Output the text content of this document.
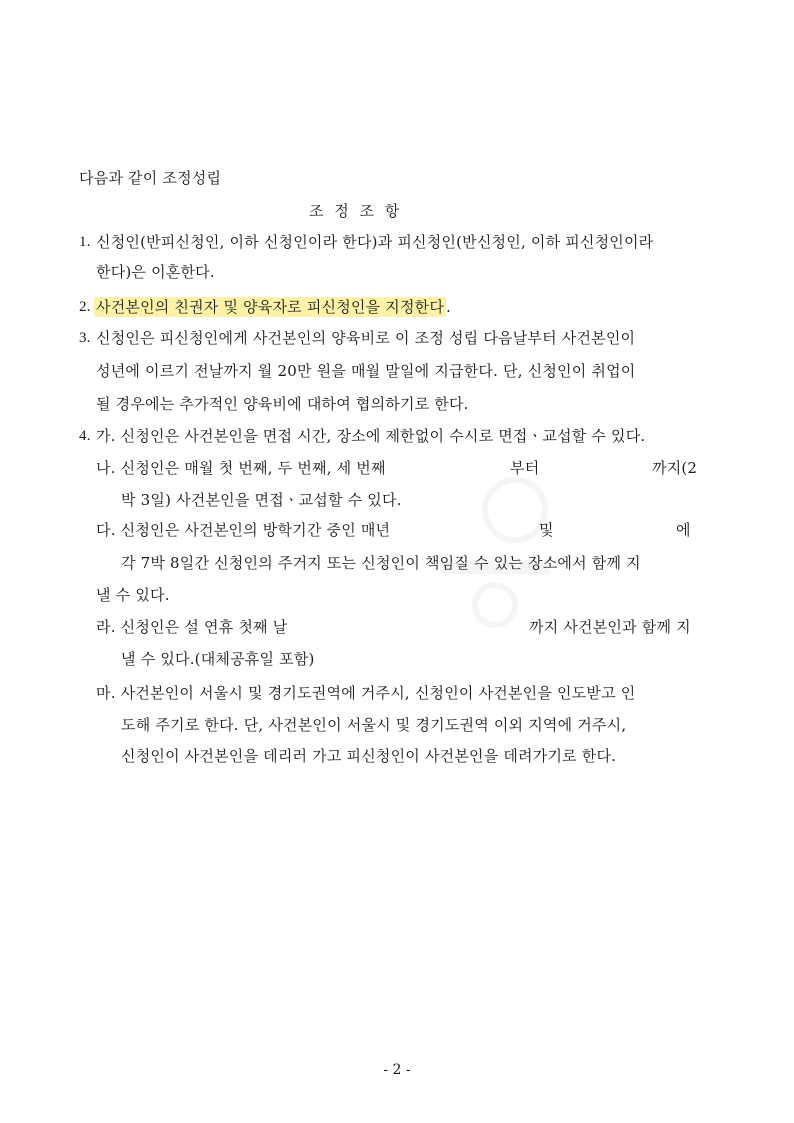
다음과 같이 조정성립
조 정 조 항
1. 신청인(반피신청인, 이하 신청인이라 한다)과 피신청인(반신청인, 이하 피신청인이라
한다)은 이혼한다.
2. 사건본인의 친권자 및 양육자로 피신청인을 지정한다 .
3. 신청인은 피신청인에게 사건본인의 양육비로 이 조정 성립 다음날부터 사건본인이
성년에 이르기 전날까지 월 20만 원을 매월 말일에 지급한다. 단, 신청인이 취업이
될 경우에는 추가적인 양육비에 대하여 협의하기로 한다.
4. 가. 신청인은 사건본인을 면접 시간, 장소에 제한없이 수시로 면접ㆍ교섭할 수 있다.
나. 신청인은 매월 첫 번째, 두 번째, 세 번째	부터	까지(2
박 3일) 사건본인을 면접ㆍ교섭할 수 있다.
다. 신청인은 사건본인의 방학기간 중인 매년	및	에
각 7박 8일간 신청인의 주거지 또는 신청인이 책임질 수 있는 장소에서 함께 지
낼 수 있다.
라. 신청인은 설 연휴 첫째 날	까지 사건본인과 함께 지
낼 수 있다.(대체공휴일 포함)
마. 사건본인이 서울시 및 경기도권역에 거주시, 신청인이 사건본인을 인도받고 인
도해 주기로 한다. 단, 사건본인이 서울시 및 경기도권역 이외 지역에 거주시,
신청인이 사건본인을 데리러 가고 피신청인이 사건본인을 데려가기로 한다.
- 2 -
